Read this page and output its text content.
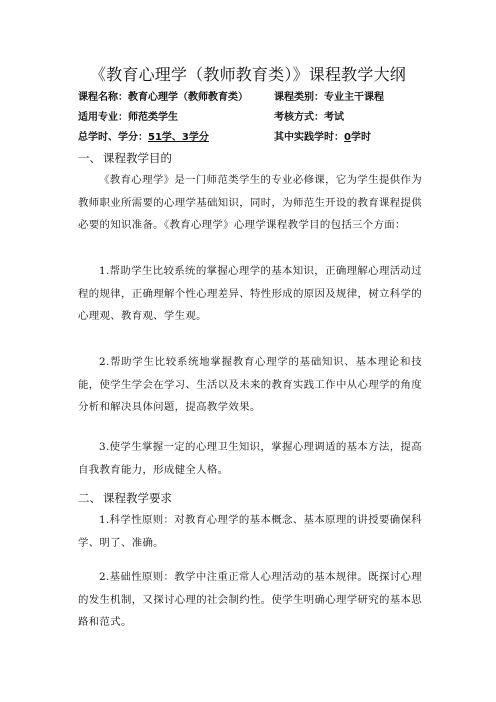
《教育心理学（教师教育类）》课程教学大纲
课程名称：教育心理学（教师教育类）	课程类别：专业主干课程
适用专业：师范类学生	考核方式：考试
总学时、学分：51学、3学分	其中实践学时：0学时
一、 课程教学目的

《教育心理学》是一门师范类学生的专业必修课，它为学生提供作为教师职业所需要的心理学基础知识，同时，为师范生开设的教育课程提供必要的知识准备。《教育心理学》心理学课程教学目的包括三个方面：

1.帮助学生比较系统的掌握心理学的基本知识，正确理解心理活动过程的规律，正确理解个性心理差异、特性形成的原因及规律，树立科学的心理观、教育观、学生观。

2.帮助学生比较系统地掌握教育心理学的基础知识、基本理论和技能，使学生学会在学习、生活以及未来的教育实践工作中从心理学的角度分析和解决具体问题，提高教学效果。

3.使学生掌握一定的心理卫生知识，掌握心理调适的基本方法，提高自我教育能力，形成健全人格。

二、 课程教学要求

1.科学性原则：对教育心理学的基本概念、基本原理的讲授要确保科学、明了、准确。

2.基础性原则：教学中注重正常人心理活动的基本规律。既探讨心理的发生机制，又探讨心理的社会制约性。使学生明确心理学研究的基本思路和范式。
